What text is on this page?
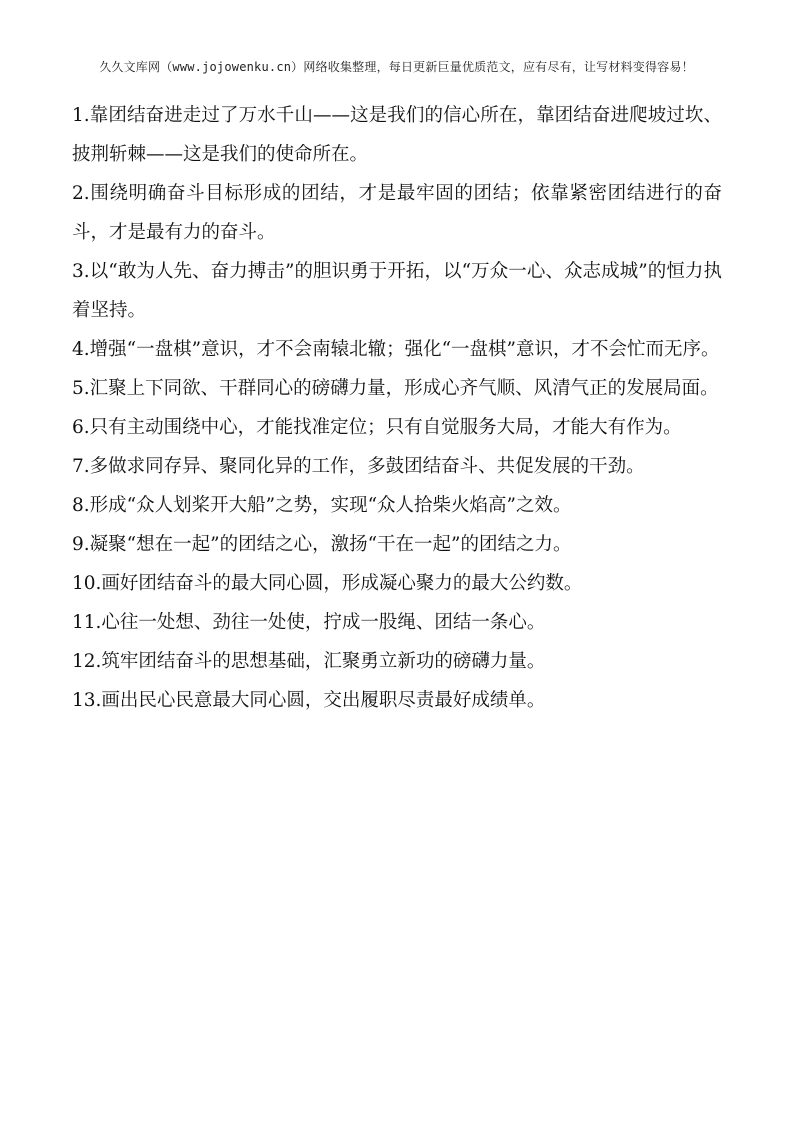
久久文库网（www.jojowenku.cn）网络收集整理，每日更新巨量优质范文，应有尽有，让写材料变得容易！

1.靠团结奋进走过了万水千山——这是我们的信心所在，靠团结奋进爬坡过坎、披荆斩棘——这是我们的使命所在。

2.围绕明确奋斗目标形成的团结，才是最牢固的团结；依靠紧密团结进行的奋斗，才是最有力的奋斗。

3.以“敢为人先、奋力搏击”的胆识勇于开拓，以“万众一心、众志成城”的恒力执着坚持。

4.增强“一盘棋”意识，才不会南辕北辙；强化“一盘棋”意识，才不会忙而无序。

5.汇聚上下同欲、干群同心的磅礴力量，形成心齐气顺、风清气正的发展局面。

6.只有主动围绕中心，才能找准定位；只有自觉服务大局，才能大有作为。

7.多做求同存异、聚同化异的工作，多鼓团结奋斗、共促发展的干劲。

8.形成“众人划桨开大船”之势，实现“众人拾柴火焰高”之效。

9.凝聚“想在一起”的团结之心，激扬“干在一起”的团结之力。

10.画好团结奋斗的最大同心圆，形成凝心聚力的最大公约数。

11.心往一处想、劲往一处使，拧成一股绳、团结一条心。

12.筑牢团结奋斗的思想基础，汇聚勇立新功的磅礴力量。

13.画出民心民意最大同心圆，交出履职尽责最好成绩单。
